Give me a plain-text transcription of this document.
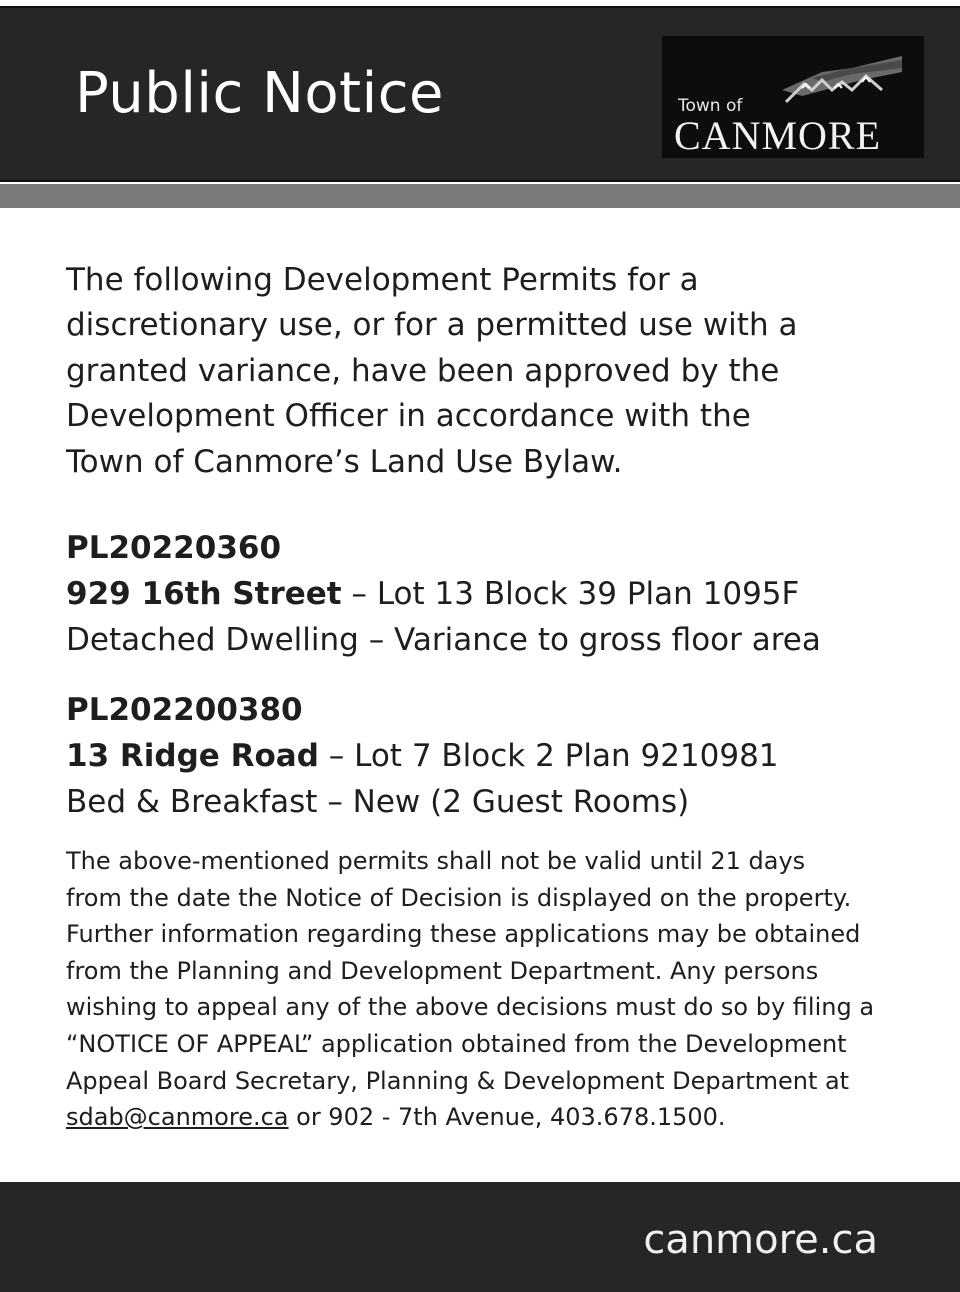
Public Notice	Town of
CANMORE

The following Development Permits for a

discretionary use, or for a permitted use with a

granted variance, have been approved by the

Development Officer in accordance with the

Town of Canmore’s Land Use Bylaw.

PL20220360

929 16th Street – Lot 13 Block 39 Plan 1095F

Detached Dwelling – Variance to gross floor area

PL202200380

13 Ridge Road – Lot 7 Block 2 Plan 9210981

Bed & Breakfast – New (2 Guest Rooms)

The above-mentioned permits shall not be valid until 21 days

from the date the Notice of Decision is displayed on the property.

Further information regarding these applications may be obtained

from the Planning and Development Department. Any persons

wishing to appeal any of the above decisions must do so by filing a

“NOTICE OF APPEAL” application obtained from the Development

Appeal Board Secretary, Planning & Development Department at

sdab@canmore.ca or 902 - 7th Avenue, 403.678.1500.

canmore.ca
